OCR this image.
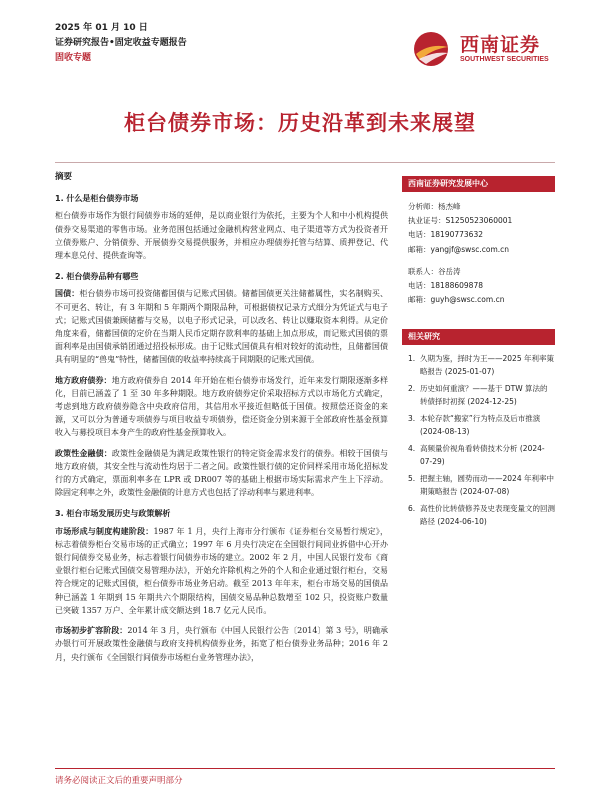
2025 年 01 月 10 日
证券研究报告•固定收益专题报告
固收专题
西南证券
SOUTHWEST SECURITIES
柜台债券市场：历史沿革到未来展望
摘要
1. 什么是柜台债券市场

柜台债券市场作为银行间债券市场的延伸，是以商业银行为依托，主要为个人和中小机构提供债券交易渠道的零售市场。业务范围包括通过金融机构营业网点、电子渠道等方式为投资者开立债券账户、分销债券、开展债券交易提供服务，并相应办理债券托管与结算、质押登记、代理本息兑付、提供查询等。

2. 柜台债券品种有哪些

国债：柜台债券市场可投资储蓄国债与记账式国债。储蓄国债更关注储蓄属性，实名制购买、不可更名、转让，有 3 年期和 5 年期两个期限品种，可根据债权记录方式细分为凭证式与电子式；记账式国债兼顾储蓄与交易，以电子形式记录，可以改名、转让以赚取资本利得。从定价角度来看，储蓄国债的定价在当期人民币定期存款利率的基础上加点形成，而记账式国债的票面利率是由国债承销团通过招投标形成。由于记账式国债具有相对较好的流动性，且储蓄国债具有明显的“兽鬼”特性，储蓄国债的收益率持续高于同期限的记账式国债。

地方政府债券：地方政府债券自 2014 年开始在柜台债券市场发行，近年来发行期限逐渐多样化，目前已涵盖了 1 至 30 年多种期限。地方政府债券定价采取招标方式以市场化方式确定，考虑到地方政府债券隐含中央政府信用，其信用水平接近但略低于国债。按照偿还资金的来源，又可以分为普通专项债券与项目收益专项债券，偿还资金分别来源于全部政府性基金预算收入与募投项目本身产生的政府性基金预算收入。

政策性金融债：政策性金融债是为满足政策性银行的特定资金需求发行的债券。相较于国债与地方政府债，其安全性与流动性均居于二者之间。政策性银行债的定价同样采用市场化招标发行的方式确定，票面利率多在 LPR 或 DR007 等的基础上根据市场实际需求产生上下浮动。除固定利率之外，政策性金融债的计息方式也包括了浮动利率与累进利率。

3. 柜台市场发展历史与政策解析

市场形成与制度构建阶段：1987 年 1 月，央行上海市分行颁布《证券柜台交易暂行规定》，标志着债券柜台交易市场的正式确立；1997 年 6 月央行决定在全国银行间同业拆借中心开办银行间债券交易业务，标志着银行间债券市场的建立。2002 年 2 月，中国人民银行发布《商业银行柜台记账式国债交易管理办法》，开始允许除机构之外的个人和企业通过银行柜台，交易符合规定的记账式国债，柜台债券市场业务启动。截至 2013 年年末，柜台市场交易的国债品种已涵盖 1 年期到 15 年期共六个期限结构，国债交易品种总数增至 102 只，投资账户数量已突破 1357 万户、全年累计成交额达到 18.7 亿元人民币。

市场初步扩容阶段：2014 年 3 月，央行颁布《中国人民银行公告〔2014〕第 3 号》，明确承办银行可开展政策性金融债与政府支持机构债券业务，拓宽了柜台债券业务品种；2016 年 2 月，央行颁布《全国银行间债券市场柜台业务管理办法》，

西南证券研究发展中心
分析师：杨杰峰
执业证号：S1250523060001
电话：18190773632
邮箱：yangjf@swsc.com.cn
联系人：谷岳涛
电话：18188609878
邮箱：guyh@swsc.com.cn
相关研究
1. 久期为鉴，择时为王——2025 年利率策略报告 (2025-01-07)
2. 历史如何重演？——基于 DTW 算法的转债择时初探 (2024-12-25)
3. 本轮存款“搬家”行为特点及后市推演 (2024-08-13)
4. 高频量价视角看转债技术分析 (2024-07-29)
5. 把握主轴，圆势而动——2024 年利率中期策略报告 (2024-07-08)
6. 高性价比转债修养及史表现变量文的回测路径 (2024-06-10)
请务必阅读正文后的重要声明部分
